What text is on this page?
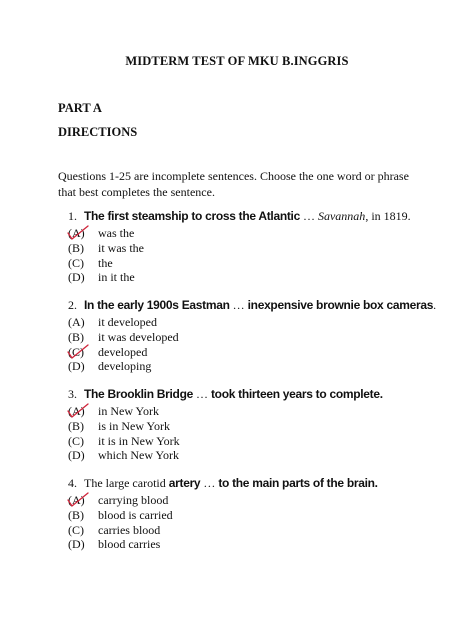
MIDTERM TEST OF MKU B.INGGRIS
PART A
DIRECTIONS
Questions 1-25 are incomplete sentences. Choose the one word or phrase that best completes the sentence.
1. The first steamship to cross the Atlantic … Savannah, in 1819.
(A) was the
(B) it was the
(C) the
(D) in it the
2. In the early 1900s Eastman … inexpensive brownie box cameras.
(A) it developed
(B) it was developed
(C) developed
(D) developing
3. The Brooklin Bridge … took thirteen years to complete.
(A) in New York
(B) is in New York
(C) it is in New York
(D) which New York
4. The large carotid artery … to the main parts of the brain.
(A) carrying blood
(B) blood is carried
(C) carries blood
(D) blood carries
